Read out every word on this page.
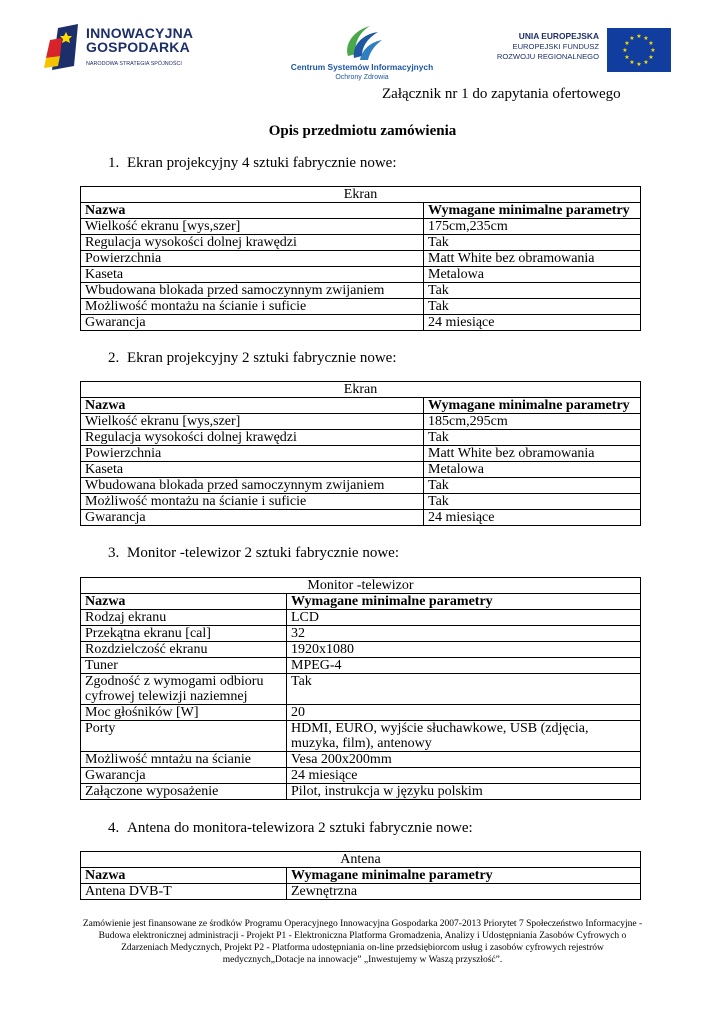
INNOWACYJNA
GOSPODARKA
NARODOWA STRATEGIA SPÓJNOŚCI	Centrum Systemów Informacyjnych
Ochrony Zdrowia
UNIA EUROPEJSKA
EUROPEJSKI FUNDUSZ
ROZWOJU REGIONALNEGO
★ ★
★
★
★
★
★
★
★
★
★
★
Załącznik nr 1 do zapytania ofertowego
Opis przedmiotu zamówienia
1. Ekran projekcyjny 4 sztuki fabrycznie nowe:
Ekran	
Nazwa	Wymagane minimalne parametry
Wielkość ekranu [wys,szer]	175cm,235cm
Regulacja wysokości dolnej krawędzi	Tak
Powierzchnia	Matt White bez obramowania
Kaseta	Metalowa
Wbudowana blokada przed samoczynnym zwijaniem	Tak
Możliwość montażu na ścianie i suficie	Tak
Gwarancja	24 miesiące
2. Ekran projekcyjny 2 sztuki fabrycznie nowe:
Ekran	
Nazwa	Wymagane minimalne parametry
Wielkość ekranu [wys,szer]	185cm,295cm
Regulacja wysokości dolnej krawędzi	Tak
Powierzchnia	Matt White bez obramowania
Kaseta	Metalowa
Wbudowana blokada przed samoczynnym zwijaniem	Tak
Możliwość montażu na ścianie i suficie	Tak
Gwarancja	24 miesiące
3. Monitor -telewizor 2 sztuki fabrycznie nowe:
Monitor -telewizor	
Nazwa	Wymagane minimalne parametry
Rodzaj ekranu	LCD
Przekątna ekranu [cal]	32
Rozdzielczość ekranu	1920x1080
Tuner	MPEG-4
Zgodność z wymogami odbioru cyfrowej telewizji naziemnej	Tak
Moc głośników [W]	20
Porty	HDMI, EURO, wyjście słuchawkowe, USB (zdjęcia, muzyka, film), antenowy
Możliwość mntażu na ścianie	Vesa 200x200mm
Gwarancja	24 miesiące
Załączone wyposażenie	Pilot, instrukcja w języku polskim
4. Antena do monitora-telewizora 2 sztuki fabrycznie nowe:
Antena	
Nazwa	Wymagane minimalne parametry
Antena DVB-T	Zewnętrzna
Zamówienie jest finansowane ze środków Programu Operacyjnego Innowacyjna Gospodarka 2007-2013 Priorytet 7 Społeczeństwo Informacyjne - Budowa elektronicznej administracji - Projekt P1 - Elektroniczna Platforma Gromadzenia, Analizy i Udostępniania Zasobów Cyfrowych o Zdarzeniach Medycznych, Projekt P2 - Platforma udostępniania on-line przedsiębiorcom usług i zasobów cyfrowych rejestrów medycznych„Dotacje na innowacje” „Inwestujemy w Waszą przyszłość”.
